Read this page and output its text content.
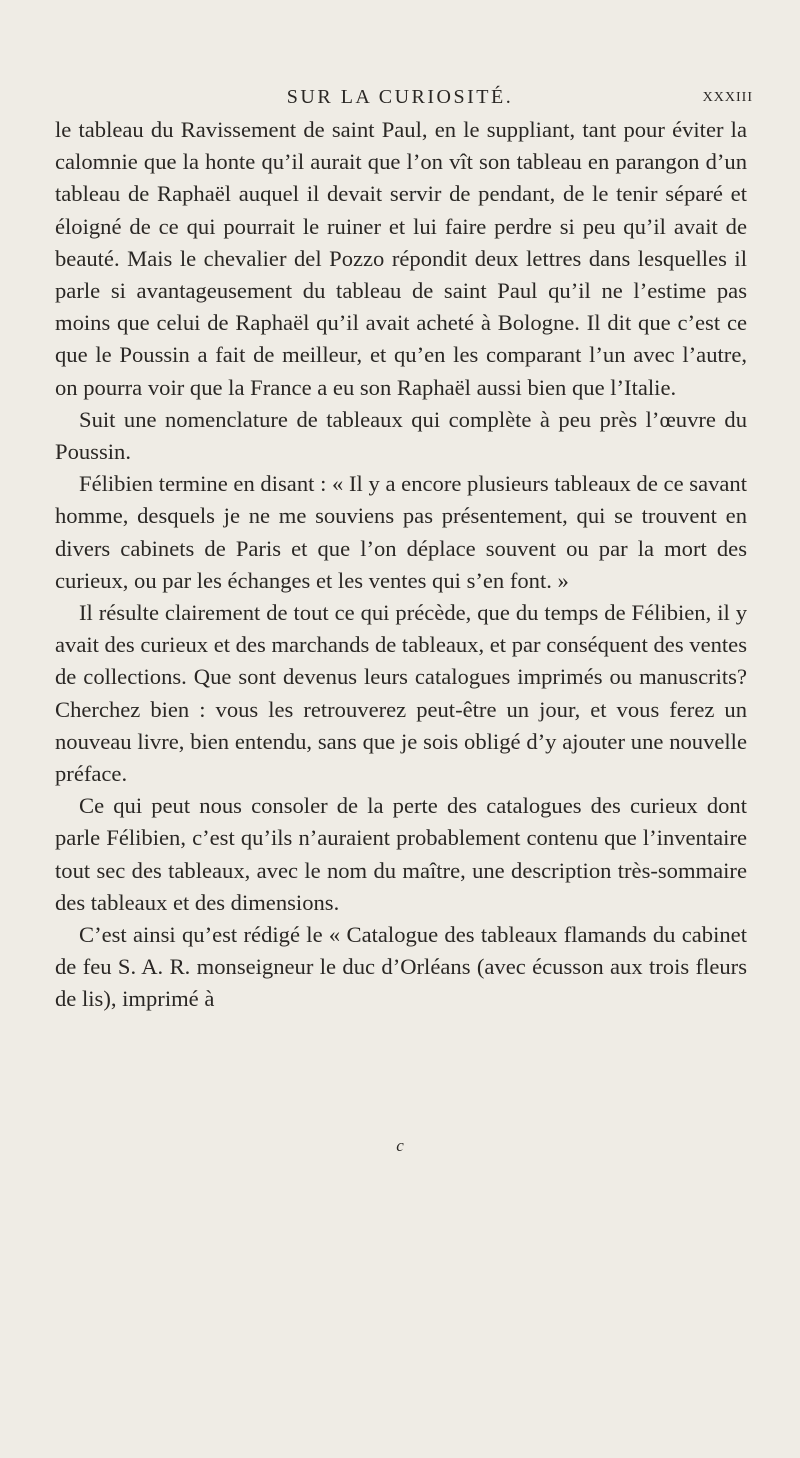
SUR LA CURIOSITÉ.	XXXIII

le tableau du Ravissement de saint Paul, en le suppliant, tant pour éviter la calomnie que la honte qu’il aurait que l’on vît son tableau en parangon d’un tableau de Raphaël auquel il devait servir de pendant, de le tenir séparé et éloigné de ce qui pourrait le ruiner et lui faire perdre si peu qu’il avait de beauté. Mais le chevalier del Pozzo répondit deux lettres dans lesquelles il parle si avantageusement du tableau de saint Paul qu’il ne l’estime pas moins que celui de Raphaël qu’il avait acheté à Bologne. Il dit que c’est ce que le Poussin a fait de meilleur, et qu’en les comparant l’un avec l’autre, on pourra voir que la France a eu son Raphaël aussi bien que l’Italie.

Suit une nomenclature de tableaux qui complète à peu près l’œuvre du Poussin.

Félibien termine en disant : « Il y a encore plusieurs tableaux de ce savant homme, desquels je ne me souviens pas présentement, qui se trouvent en divers cabinets de Paris et que l’on déplace souvent ou par la mort des curieux, ou par les échanges et les ventes qui s’en font. »

Il résulte clairement de tout ce qui précède, que du temps de Félibien, il y avait des curieux et des marchands de tableaux, et par conséquent des ventes de collections. Que sont devenus leurs catalogues imprimés ou manuscrits? Cherchez bien : vous les retrouverez peut-être un jour, et vous ferez un nouveau livre, bien entendu, sans que je sois obligé d’y ajouter une nouvelle préface.

Ce qui peut nous consoler de la perte des catalogues des curieux dont parle Félibien, c’est qu’ils n’auraient probablement contenu que l’inventaire tout sec des tableaux, avec le nom du maître, une description très-sommaire des tableaux et des dimensions.

C’est ainsi qu’est rédigé le « Catalogue des tableaux flamands du cabinet de feu S. A. R. monseigneur le duc d’Orléans (avec écusson aux trois fleurs de lis), imprimé à

c
